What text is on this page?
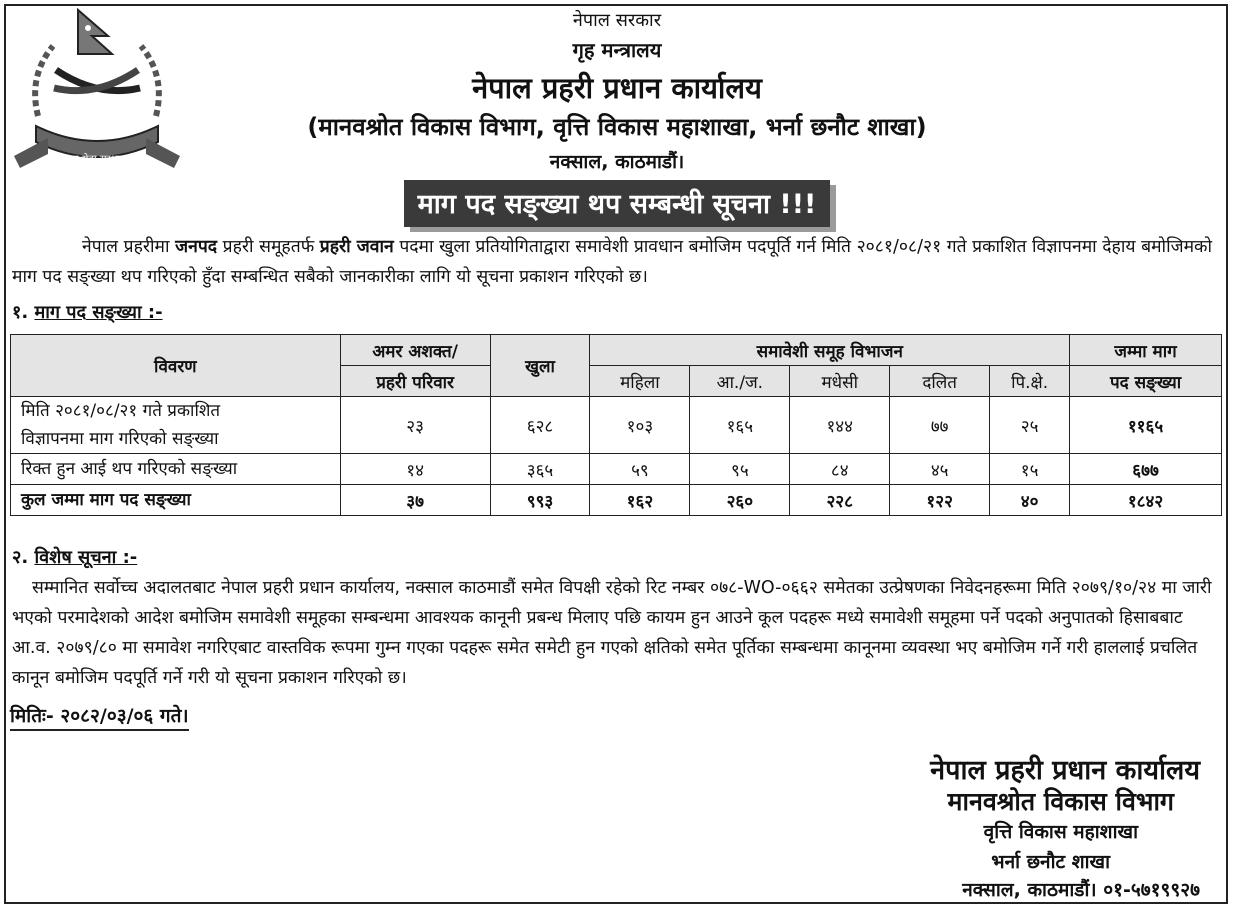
नेपाल प्रहरी
सत्य सेवा सुरक्षणम्

नेपाल सरकार

गृह मन्त्रालय

नेपाल प्रहरी प्रधान कार्यालय

(मानवश्रोत विकास विभाग, वृत्ति विकास महाशाखा, भर्ना छनौट शाखा)

नक्साल, काठमाडौं।

माग पद सङ्ख्या थप सम्बन्धी सूचना !!!

नेपाल प्रहरीमा जनपद प्रहरी समूहतर्फ प्रहरी जवान पदमा खुला प्रतियोगिताद्वारा समावेशी प्रावधान बमोजिम पदपूर्ति गर्न मिति २०८१/०८/२१ गते प्रकाशित विज्ञापनमा देहाय बमोजिमको माग पद सङ्ख्या थप गरिएको हुँदा सम्बन्धित सबैको जानकारीका लागि यो सूचना प्रकाशन गरिएको छ।

१. माग पद सङ्ख्या :-

विवरण	अमर अशक्त/	खुला	समावेशी समूह विभाजन					जम्मा माग
	प्रहरी परिवार		महिला	आ./ज.	मधेसी	दलित	पि.क्षे.	पद सङ्ख्या
मिति २०८१/०८/२१ गते प्रकाशित
विज्ञापनमा माग गरिएको सङ्ख्या	२३	६२८	१०३	१६५	१४४	७७	२५	११६५
रिक्त हुन आई थप गरिएको सङ्ख्या	१४	३६५	५९	९५	८४	४५	१५	६७७
कुल जम्मा माग पद सङ्ख्या	३७	९९३	१६२	२६०	२२८	१२२	४०	१८४२

२. विशेष सूचना :-

सम्मानित सर्वोच्च अदालतबाट नेपाल प्रहरी प्रधान कार्यालय, नक्साल काठमाडौं समेत विपक्षी रहेको रिट नम्बर ०७८-WO-०६६२ समेतका उत्प्रेषणका निवेदनहरूमा मिति २०७९/१०/२४ मा जारी भएको परमादेशको आदेश बमोजिम समावेशी समूहका सम्बन्धमा आवश्यक कानूनी प्रबन्ध मिलाए पछि कायम हुन आउने कूल पदहरू मध्ये समावेशी समूहमा पर्ने पदको अनुपातको हिसाबबाट आ.व. २०७९/८० मा समावेश नगरिएबाट वास्तविक रूपमा गुम्न गएका पदहरू समेत समेटी हुन गएको क्षतिको समेत पूर्तिका सम्बन्धमा कानूनमा व्यवस्था भए बमोजिम गर्ने गरी हाललाई प्रचलित कानून बमोजिम पदपूर्ति गर्ने गरी यो सूचना प्रकाशन गरिएको छ।

मितिः- २०८२/०३/०६ गते।

नेपाल प्रहरी प्रधान कार्यालय

मानवश्रोत विकास विभाग

वृत्ति विकास महाशाखा

भर्ना छनौट शाखा

नक्साल, काठमाडौं। ०१-५७१९९२७
